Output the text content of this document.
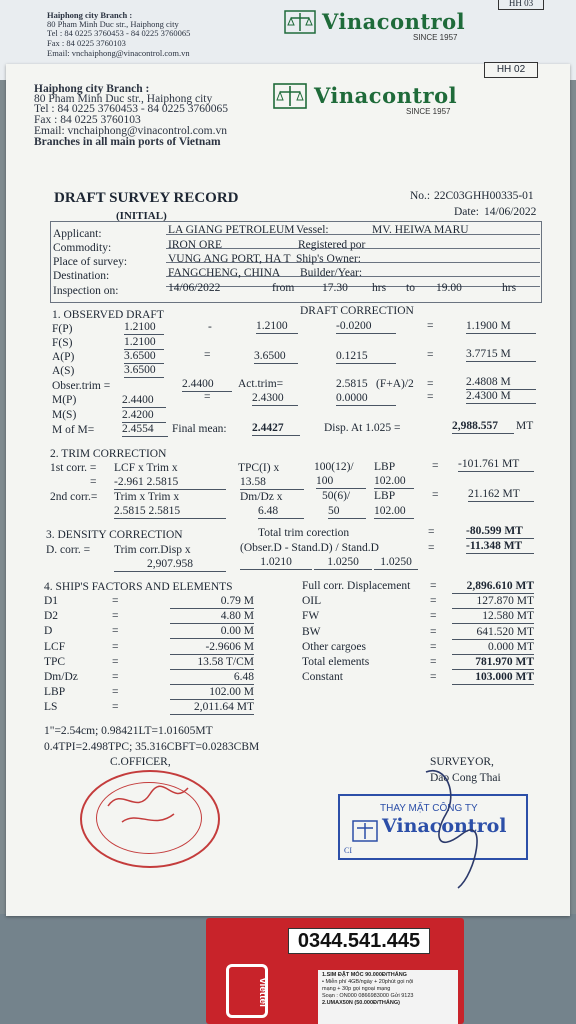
Haiphong city Branch :
80 Pham Minh Duc str., Haiphong city
Tel : 84 0225 3760453 - 84 0225 3760065
Fax : 84 0225 3760103
Email: vnchaiphong@vinacontrol.com.vn
Vinacontrol
SINCE 1957
HH 03
Haiphong city Branch :
80 Pham Minh Duc str., Haiphong city
Tel : 84 0225 3760453 - 84 0225 3760065
Fax : 84 0225 3760103
Email: vnchaiphong@vinacontrol.com.vn
Branches in all main ports of Vietnam
Vinacontrol
SINCE 1957
HH 02
DRAFT SURVEY RECORD
(INITIAL)
No.: 22C03GHH00335-01
Date: 14/06/2022
Applicant:	LA GIANG PETROLEUM Vessel:	MV. HEIWA MARU
Commodity:	IRON ORE	Registered por
Place of survey:	VUNG ANG PORT, HA T Ship's Owner:
Destination:	FANGCHENG, CHINA Builder/Year:
Inspection on:	14/06/2022	from 17.30 hrs to 19.00	hrs
1. OBSERVED DRAFT	DRAFT CORRECTION
F(P)	1.2100	-	1.2100	-0.0200	=	1.1900 M
F(S)	1.2100
A(P)	3.6500	=	3.6500	0.1215	=	3.7715 M
A(S)	3.6500
Obser.trim =	2.4400	Act.trim=	2.5815 (F+A)/2 =	2.4808 M
M(P)	2.4400	=	2.4300	0.0000	=	2.4300 M
M(S)	2.4200
M of M= 2.4554	Final mean: 2.4427	Disp. At 1.025 =	2,988.557	MT
2. TRIM CORRECTION
1st corr. = LCF x Trim x	TPC(I) x	100(12)/ LBP	= -101.761 MT
= -2.961 2.5815	13.58	100	102.00
2nd corr.= Trim x Trim x	Dm/Dz x	50(6)/ LBP	=	21.162 MT
2.5815 2.5815	6.48	50	102.00
3. DENSITY CORRECTION	Total trim corection	=	-80.599 MT
D. corr. = Trim corr.Disp x	(Obser.D - Stand.D) / Stand.D	=	-11.348 MT
2,907.958	1.0210	1.0250	1.0250
4. SHIP'S FACTORS AND ELEMENTS
D1	=	0.79 M
D2	=	4.80 M
D	=	0.00 M
LCF	=	-2.9606 M
TPC	=	13.58 T/CM
Dm/Dz	=	6.48
LBP	=	102.00 M
LS	=	2,011.64 MT
Full corr. Displacement =	2,896.610 MT
OIL	=	127.870 MT
FW	=	12.580 MT
BW	=	641.520 MT
Other cargoes	=	0.000 MT
Total elements	=	781.970 MT
Constant	=	103.000 MT
1"=2.54cm; 0.98421LT=1.01605MT
0.4TPI=2.498TPC; 35.316CBFT=0.0283CBM
C.OFFICER,	SURVEYOR,
Dao Cong Thai
THAY MẶT CÔNG TY
Vinacontrol
CI
0344.541.445
viettel
1.SIM ĐẶT MÓC 90.000Đ/THÁNG
• Miễn phí 4GB/ngày + 20phút gọi nội
mạng + 30p gọi ngoại mạng
Soạn : ON000 0866983000 Gửi 9123
2.UMAX50N (50.000Đ/THÁNG)
